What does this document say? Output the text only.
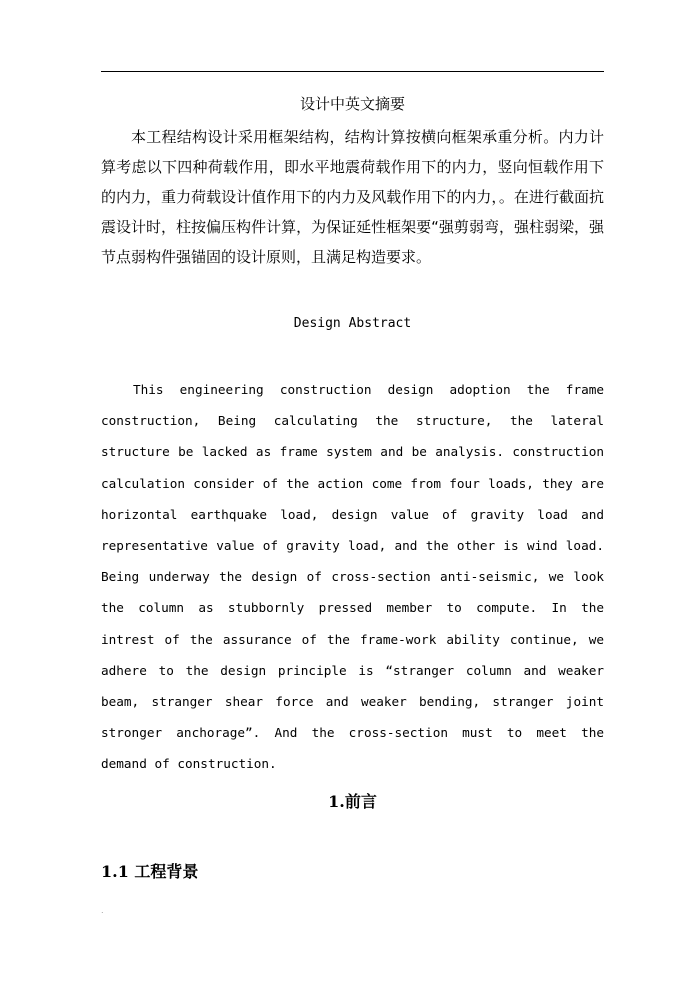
设计中英文摘要

本工程结构设计采用框架结构，结构计算按横向框架承重分析。内力计算考虑以下四种荷载作用，即水平地震荷载作用下的内力，竖向恒载作用下的内力，重力荷载设计值作用下的内力及风载作用下的内力，。在进行截面抗震设计时，柱按偏压构件计算，为保证延性框架要“强剪弱弯，强柱弱梁，强节点弱构件强锚固的设计原则，且满足构造要求。

Design Abstract

This engineering construction design adoption the frame construction, Being calculating the structure, the lateral structure be lacked as frame system and be analysis. construction calculation consider of the action come from four loads, they are horizontal earthquake load, design value of gravity load and representative value of gravity load, and the other is wind load. Being underway the design of cross-section anti-seismic, we look the column as stubbornly pressed member to compute. In the intrest of the assurance of the frame-work ability continue, we adhere to the design principle is “stranger column and weaker beam, stranger shear force and weaker bending, stranger joint stronger anchorage”. And the cross-section must to meet the demand of construction.

1.前言
1.1 工程背景
.
